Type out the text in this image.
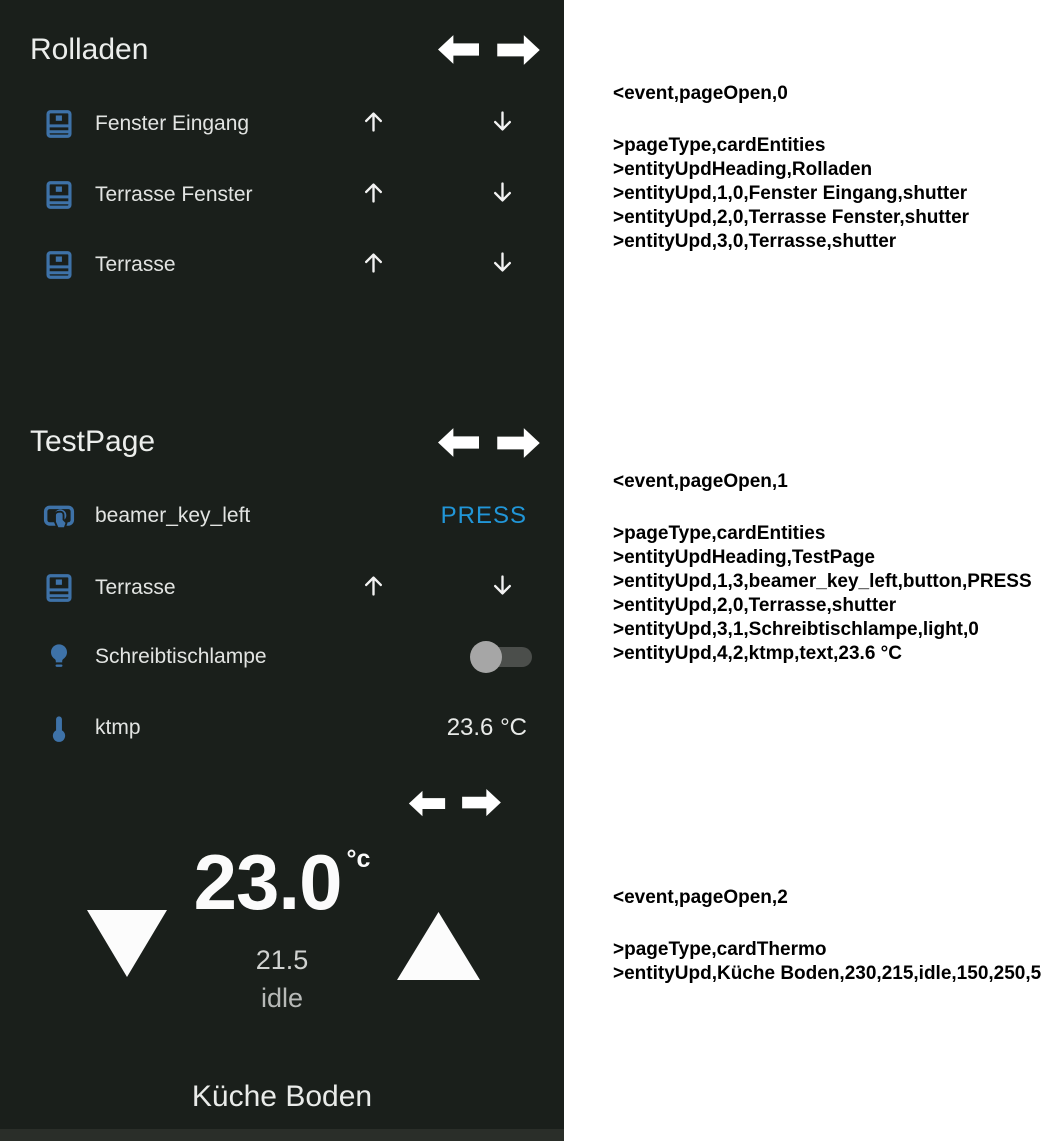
Rolladen
Fenster Eingang
Terrasse Fenster
Terrasse
TestPage
beamer_key_left	PRESS
Terrasse
Schreibtischlampe
ktmp	23.6 °C
23.0 °c
21.5
idle
Küche Boden
<event,pageOpen,0
>pageType,cardEntities
>entityUpdHeading,Rolladen
>entityUpd,1,0,Fenster Eingang,shutter
>entityUpd,2,0,Terrasse Fenster,shutter
>entityUpd,3,0,Terrasse,shutter
<event,pageOpen,1
>pageType,cardEntities
>entityUpdHeading,TestPage
>entityUpd,1,3,beamer_key_left,button,PRESS
>entityUpd,2,0,Terrasse,shutter
>entityUpd,3,1,Schreibtischlampe,light,0
>entityUpd,4,2,ktmp,text,23.6 °C
<event,pageOpen,2
>pageType,cardThermo
>entityUpd,Küche Boden,230,215,idle,150,250,5
